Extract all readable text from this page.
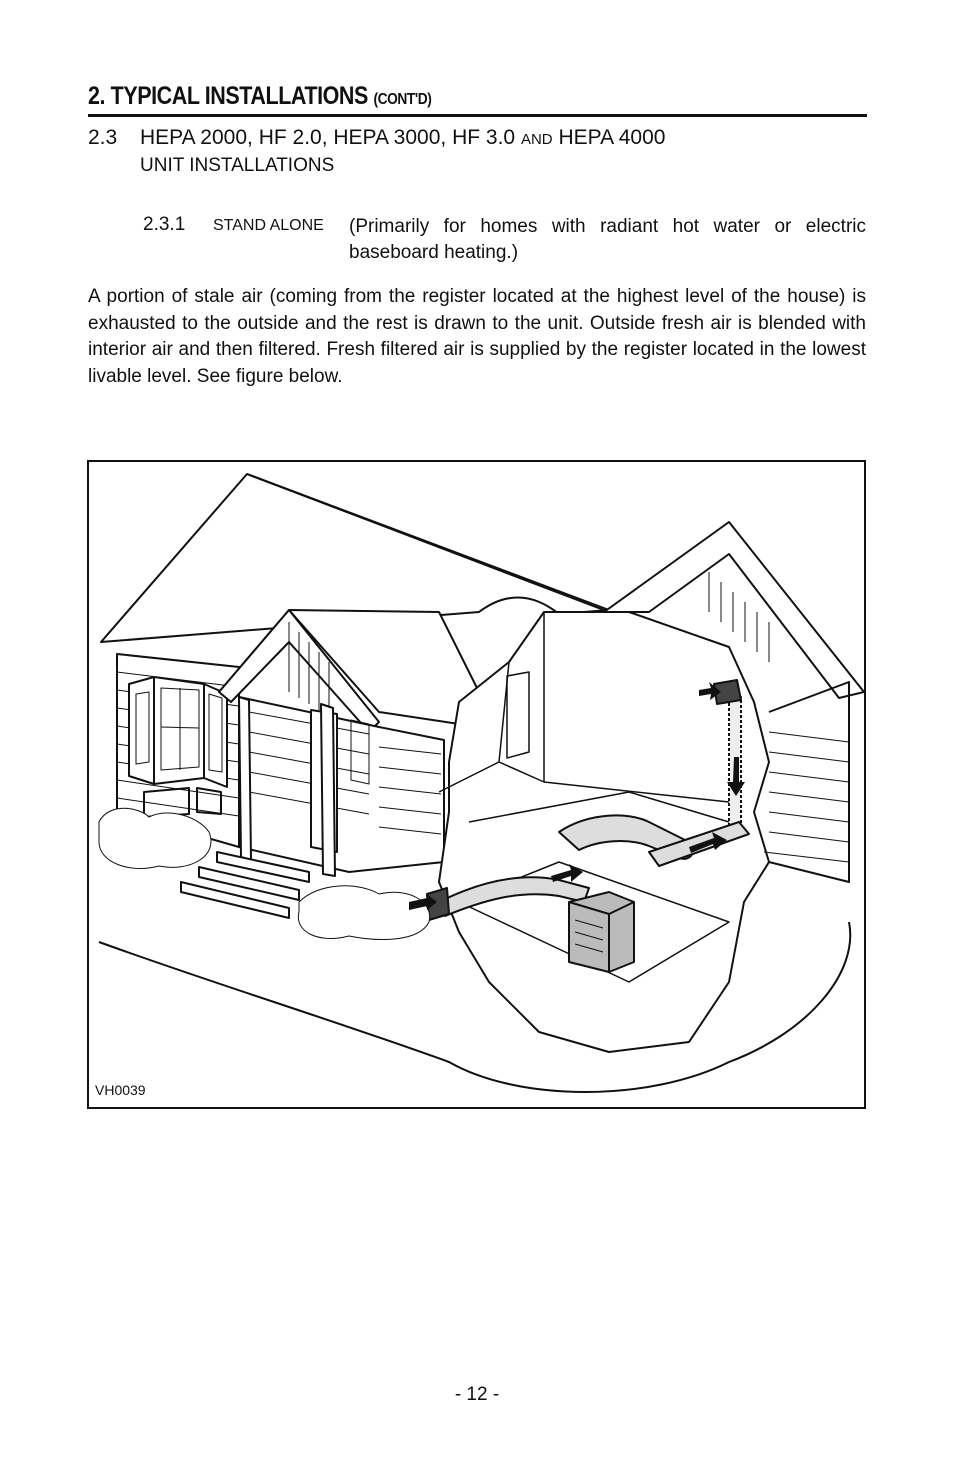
2. TYPICAL INSTALLATIONS (CONT'D)
2.3 HEPA 2000, HF 2.0, HEPA 3000, HF 3.0 AND HEPA 4000
UNIT INSTALLATIONS
2.3.1 STAND ALONE (Primarily for homes with radiant hot water or electric baseboard heating.)
A portion of stale air (coming from the register located at the highest level of the house) is exhausted to the outside and the rest is drawn to the unit. Outside fresh air is blended with interior air and then filtered. Fresh filtered air is supplied by the register located in the lowest livable level. See figure below.
VH0039
- 12 -
